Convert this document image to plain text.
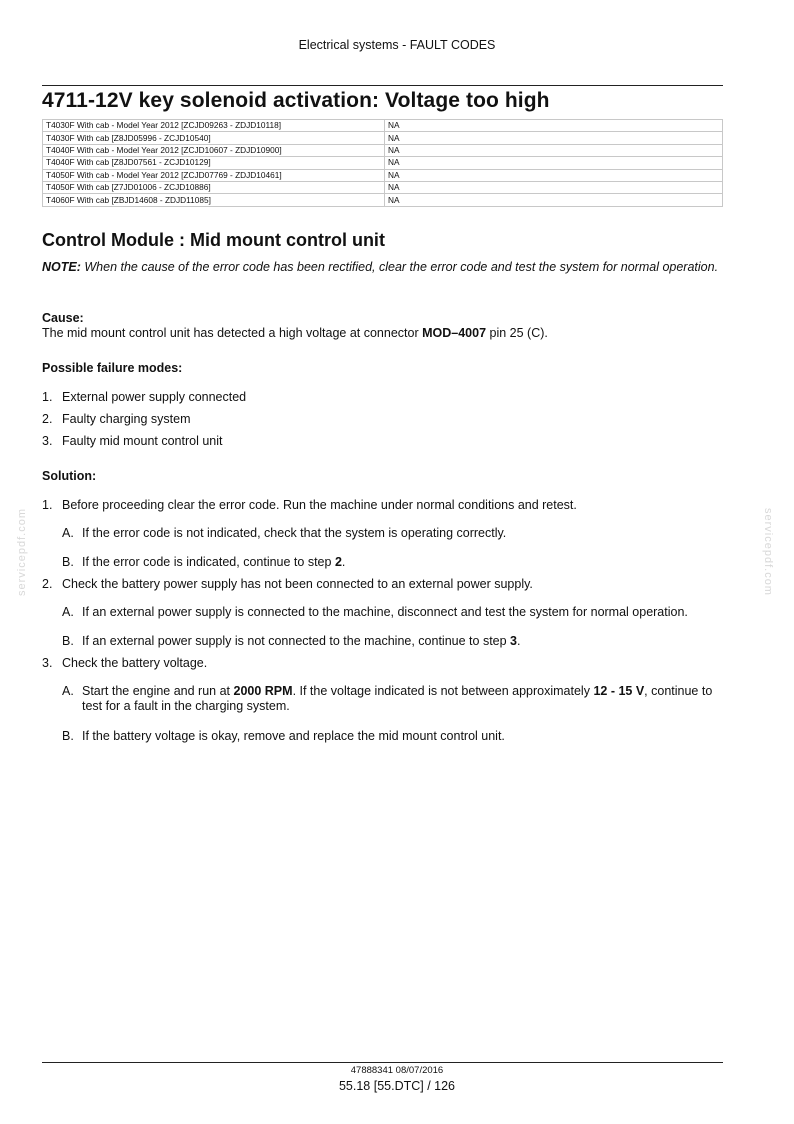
Electrical systems - FAULT CODES
4711-12V key solenoid activation: Voltage too high
T4030F With cab - Model Year 2012 [ZCJD09263 - ZDJD10118]	NA
T4030F With cab [Z8JD05996 - ZCJD10540]	NA
T4040F With cab - Model Year 2012 [ZCJD10607 - ZDJD10900]	NA
T4040F With cab [Z8JD07561 - ZCJD10129]	NA
T4050F With cab - Model Year 2012 [ZCJD07769 - ZDJD10461]	NA
T4050F With cab [Z7JD01006 - ZCJD10886]	NA
T4060F With cab [ZBJD14608 - ZDJD11085]	NA
Control Module : Mid mount control unit
NOTE: When the cause of the error code has been rectified, clear the error code and test the system for normal operation.
Cause:
The mid mount control unit has detected a high voltage at connector MOD–4007 pin 25 (C).
Possible failure modes:
1. External power supply connected
2. Faulty charging system
3. Faulty mid mount control unit
Solution:
1. Before proceeding clear the error code. Run the machine under normal conditions and retest.
A. If the error code is not indicated, check that the system is operating correctly.
B. If the error code is indicated, continue to step 2.
2. Check the battery power supply has not been connected to an external power supply.
A. If an external power supply is connected to the machine, disconnect and test the system for normal operation.
B. If an external power supply is not connected to the machine, continue to step 3.
3. Check the battery voltage.
A. Start the engine and run at 2000 RPM. If the voltage indicated is not between approximately 12 - 15 V, continue to test for a fault in the charging system.
B. If the battery voltage is okay, remove and replace the mid mount control unit.
servicepdf.com	servicepdf.com
47888341 08/07/2016
55.18 [55.DTC] / 126
